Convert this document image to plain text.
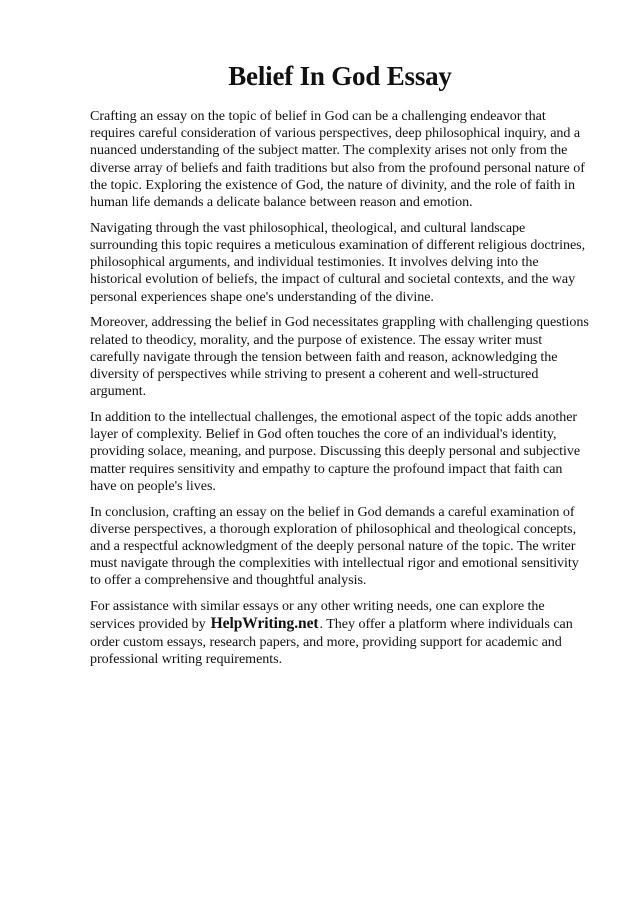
Belief In God Essay

Crafting an essay on the topic of belief in God can be a challenging endeavor that requires careful consideration of various perspectives, deep philosophical inquiry, and a nuanced understanding of the subject matter. The complexity arises not only from the diverse array of beliefs and faith traditions but also from the profound personal nature of the topic. Exploring the existence of God, the nature of divinity, and the role of faith in human life demands a delicate balance between reason and emotion.

Navigating through the vast philosophical, theological, and cultural landscape surrounding this topic requires a meticulous examination of different religious doctrines, philosophical arguments, and individual testimonies. It involves delving into the historical evolution of beliefs, the impact of cultural and societal contexts, and the way personal experiences shape one's understanding of the divine.

Moreover, addressing the belief in God necessitates grappling with challenging questions related to theodicy, morality, and the purpose of existence. The essay writer must carefully navigate through the tension between faith and reason, acknowledging the diversity of perspectives while striving to present a coherent and well-structured argument.

In addition to the intellectual challenges, the emotional aspect of the topic adds another layer of complexity. Belief in God often touches the core of an individual's identity, providing solace, meaning, and purpose. Discussing this deeply personal and subjective matter requires sensitivity and empathy to capture the profound impact that faith can have on people's lives.

In conclusion, crafting an essay on the belief in God demands a careful examination of diverse perspectives, a thorough exploration of philosophical and theological concepts, and a respectful acknowledgment of the deeply personal nature of the topic. The writer must navigate through the complexities with intellectual rigor and emotional sensitivity to offer a comprehensive and thoughtful analysis.

For assistance with similar essays or any other writing needs, one can explore the services provided by HelpWriting.net. They offer a platform where individuals can order custom essays, research papers, and more, providing support for academic and professional writing requirements.
